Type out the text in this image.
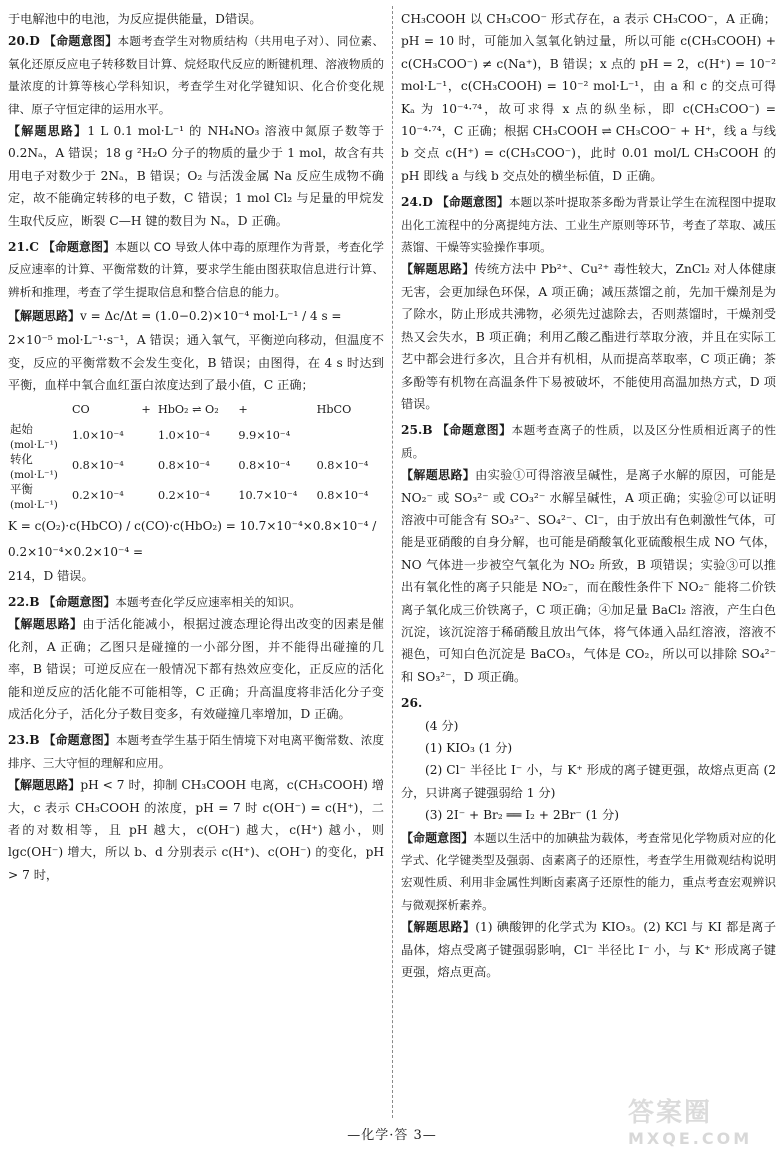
于电解池中的电池，为反应提供能量，D错误。

20.D 【命题意图】本题考查学生对物质结构（共用电子对）、同位素、氧化还原反应电子转移数目计算、烷烃取代反应的断键机理、溶液物质的量浓度的计算等核心学科知识，考查学生对化学键知识、化合价变化规律、原子守恒定律的运用水平。

【解题思路】1 L 0.1 mol·L⁻¹ 的 NH₄NO₃ 溶液中氮原子数等于 0.2Nₐ，A 错误；18 g ²H₂O 分子的物质的量少于 1 mol，故含有共用电子对数少于 2Nₐ，B 错误；O₂ 与活泼金属 Na 反应生成物不确定，故不能确定转移的电子数，C 错误；1 mol Cl₂ 与足量的甲烷发生取代反应，断裂 C—H 键的数目为 Nₐ，D 正确。

21.C 【命题意图】本题以 CO 导致人体中毒的原理作为背景，考查化学反应速率的计算、平衡常数的计算，要求学生能由图获取信息进行计算、辨析和推理，考查了学生提取信息和整合信息的能力。

【解题思路】v = Δc/Δt = (1.0−0.2)×10⁻⁴ mol·L⁻¹ / 4 s =

2×10⁻⁵ mol·L⁻¹·s⁻¹，A 错误；通入氧气，平衡逆向移动，但温度不变，反应的平衡常数不会发生变化，B 错误；由图得，在 4 s 时达到平衡，血样中氧合血红蛋白浓度达到了最小值，C 正确；

	CO	+	HbO₂ ⇌ O₂	+	HbCO
起始
(mol·L⁻¹)	1.0×10⁻⁴		1.0×10⁻⁴	9.9×10⁻⁴	
转化
(mol·L⁻¹)	0.8×10⁻⁴		0.8×10⁻⁴	0.8×10⁻⁴	0.8×10⁻⁴
平衡
(mol·L⁻¹)	0.2×10⁻⁴		0.2×10⁻⁴	10.7×10⁻⁴	0.8×10⁻⁴

K = c(O₂)·c(HbCO) / c(CO)·c(HbO₂) = 10.7×10⁻⁴×0.8×10⁻⁴ / 0.2×10⁻⁴×0.2×10⁻⁴ =

214，D 错误。

22.B 【命题意图】本题考查化学反应速率相关的知识。

【解题思路】由于活化能减小，根据过渡态理论得出改变的因素是催化剂，A 正确；乙图只是碰撞的一小部分图，并不能得出碰撞的几率，B 错误；可逆反应在一般情况下都有热效应变化，正反应的活化能和逆反应的活化能不可能相等，C 正确；升高温度将非活化分子变成活化分子，活化分子数目变多，有效碰撞几率增加，D 正确。

23.B 【命题意图】本题考查学生基于陌生情境下对电离平衡常数、浓度排序、三大守恒的理解和应用。

【解题思路】pH < 7 时，抑制 CH₃COOH 电离，c(CH₃COOH) 增大，c 表示 CH₃COOH 的浓度，pH = 7 时 c(OH⁻) = c(H⁺)，二者的对数相等，且 pH 越大，c(OH⁻) 越大，c(H⁺) 越小，则 lgc(OH⁻) 增大，所以 b、d 分别表示 c(H⁺)、c(OH⁻) 的变化，pH > 7 时，

CH₃COOH 以 CH₃COO⁻ 形式存在，a 表示 CH₃COO⁻，A 正确；pH = 10 时，可能加入氢氧化钠过量，所以可能 c(CH₃COOH) + c(CH₃COO⁻) ≠ c(Na⁺)，B 错误；x 点的 pH = 2，c(H⁺) = 10⁻² mol·L⁻¹，c(CH₃COOH) = 10⁻² mol·L⁻¹，由 a 和 c 的交点可得 Kₐ 为 10⁻⁴·⁷⁴，故可求得 x 点的纵坐标，即 c(CH₃COO⁻) = 10⁻⁴·⁷⁴，C 正确；根据 CH₃COOH ⇌ CH₃COO⁻ + H⁺，线 a 与线 b 交点 c(H⁺) = c(CH₃COO⁻)，此时 0.01 mol/L CH₃COOH 的 pH 即线 a 与线 b 交点处的横坐标值，D 正确。

24.D 【命题意图】本题以茶叶提取茶多酚为背景让学生在流程图中提取出化工流程中的分离提纯方法、工业生产原则等环节，考查了萃取、减压蒸馏、干燥等实验操作事项。

【解题思路】传统方法中 Pb²⁺、Cu²⁺ 毒性较大，ZnCl₂ 对人体健康无害，会更加绿色环保，A 项正确；减压蒸馏之前，先加干燥剂是为了除水，防止形成共沸物，必须先过滤除去，否则蒸馏时，干燥剂受热又会失水，B 项正确；利用乙酸乙酯进行萃取分液，并且在实际工艺中都会进行多次，且合并有机相，从而提高萃取率，C 项正确；茶多酚等有机物在高温条件下易被破坏，不能使用高温加热方式，D 项错误。

25.B 【命题意图】本题考查离子的性质，以及区分性质相近离子的性质。

【解题思路】由实验①可得溶液呈碱性，是离子水解的原因，可能是 NO₂⁻ 或 SO₃²⁻ 或 CO₃²⁻ 水解呈碱性，A 项正确；实验②可以证明溶液中可能含有 SO₃²⁻、SO₄²⁻、Cl⁻，由于放出有色刺激性气体，可能是亚硝酸的自身分解，也可能是硝酸氧化亚硫酸根生成 NO 气体，NO 气体进一步被空气氧化为 NO₂ 所致，B 项错误；实验③可以推出有氧化性的离子只能是 NO₂⁻，而在酸性条件下 NO₂⁻ 能将二价铁离子氧化成三价铁离子，C 项正确；④加足量 BaCl₂ 溶液，产生白色沉淀，该沉淀溶于稀硝酸且放出气体，将气体通入品红溶液，溶液不褪色，可知白色沉淀是 BaCO₃，气体是 CO₂，所以可以排除 SO₄²⁻ 和 SO₃²⁻，D 项正确。

26.

(4 分)

(1) KIO₃ (1 分)

(2) Cl⁻ 半径比 I⁻ 小，与 K⁺ 形成的离子键更强，故熔点更高 (2 分，只讲离子键强弱给 1 分)

(3) 2I⁻ + Br₂ ══ I₂ + 2Br⁻ (1 分)

【命题意图】本题以生活中的加碘盐为载体，考查常见化学物质对应的化学式、化学键类型及强弱、卤素离子的还原性，考查学生用微观结构说明宏观性质、利用非金属性判断卤素离子还原性的能力，重点考查宏观辨识与微观探析素养。

【解题思路】(1) 碘酸钾的化学式为 KIO₃。(2) KCl 与 KI 都是离子晶体，熔点受离子键强弱影响，Cl⁻ 半径比 I⁻ 小，与 K⁺ 形成离子键更强，熔点更高。

—化学·答 3—
答案圈
MXQE.COM
